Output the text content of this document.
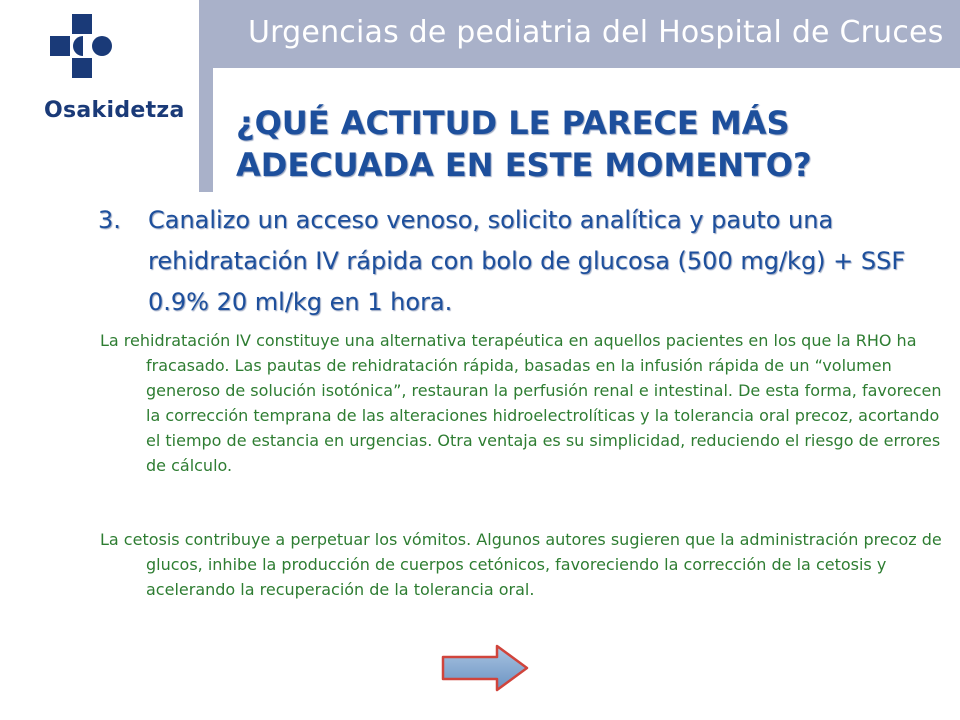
Urgencias de pediatria del Hospital de Cruces
Osakidetza ¿QUÉ ACTITUD LE PARECE MÁS
ADECUADA EN ESTE MOMENTO?
3. Canalizo un acceso venoso, solicito analítica y pauto una rehidratación IV rápida con bolo de glucosa (500 mg/kg) + SSF 0.9% 20 ml/kg en 1 hora.
La rehidratación IV constituye una alternativa terapéutica en aquellos pacientes en los que la RHO ha fracasado. Las pautas de rehidratación rápida, basadas en la infusión rápida de un “volumen generoso de solución isotónica”, restauran la perfusión renal e intestinal. De esta forma, favorecen la corrección temprana de las alteraciones hidroelectrolíticas y la tolerancia oral precoz, acortando el tiempo de estancia en urgencias. Otra ventaja es su simplicidad, reduciendo el riesgo de errores de cálculo.
La cetosis contribuye a perpetuar los vómitos. Algunos autores sugieren que la administración precoz de glucos, inhibe la producción de cuerpos cetónicos, favoreciendo la corrección de la cetosis y acelerando la recuperación de la tolerancia oral.
